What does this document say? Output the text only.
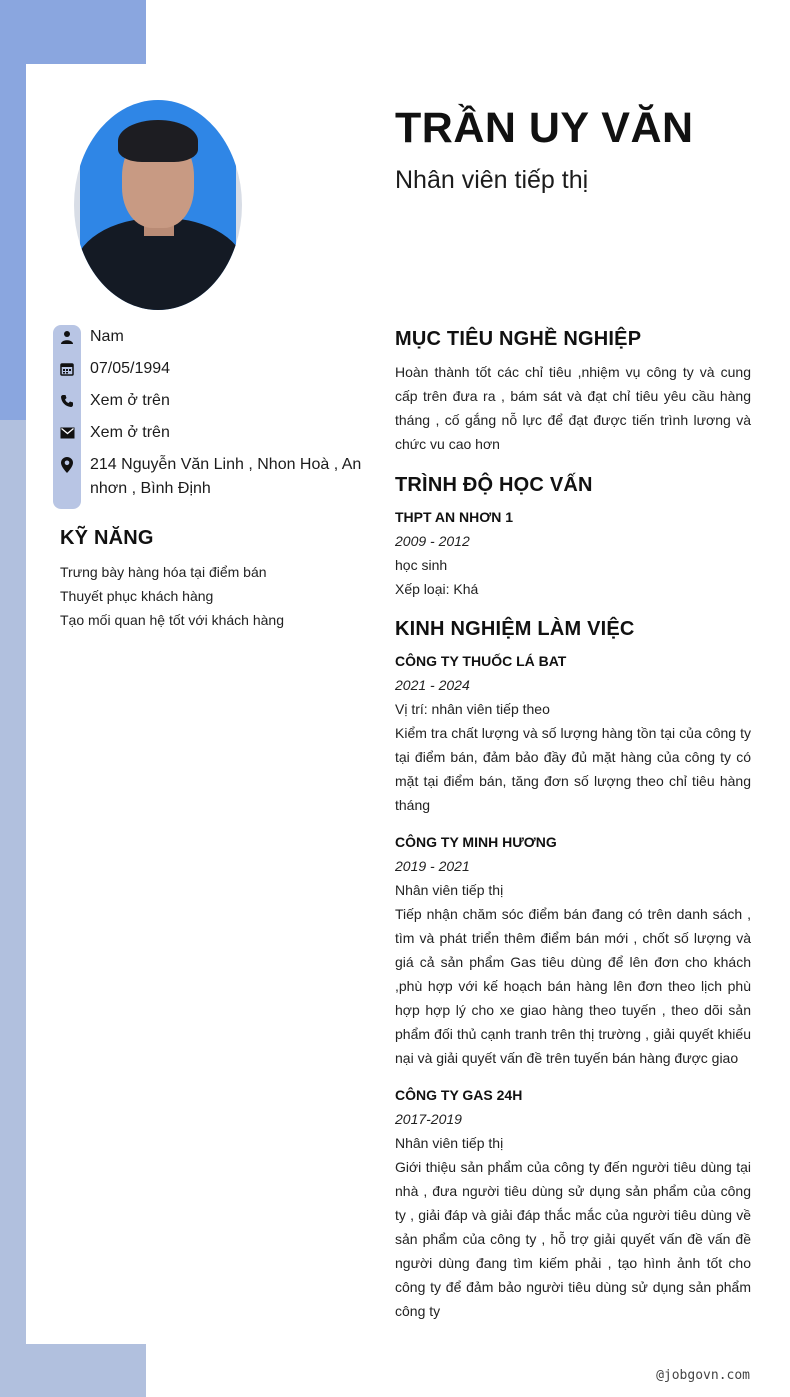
TRẦN UY VĂN
Nhân viên tiếp thị
Nam
07/05/1994
Xem ở trên
Xem ở trên
214 Nguyễn Văn Linh , Nhon Hoà , An nhơn , Bình Định
KỸ NĂNG
Trưng bày hàng hóa tại điểm bán
Thuyết phục khách hàng
Tạo mối quan hệ tốt với khách hàng
MỤC TIÊU NGHỀ NGHIỆP

Hoàn thành tốt các chỉ tiêu ,nhiệm vụ công ty và cung cấp trên đưa ra , bám sát và đạt chỉ tiêu yêu cầu hàng tháng , cố gắng nỗ lực để đạt được tiến trình lương và chức vu cao hơn

TRÌNH ĐỘ HỌC VẤN
THPT AN NHƠN 1
2009 - 2012
học sinh
Xếp loại: Khá
KINH NGHIỆM LÀM VIỆC
CÔNG TY THUỐC LÁ BAT
2021 - 2024
Vị trí: nhân viên tiếp theo

Kiểm tra chất lượng và số lượng hàng tồn tại của công ty tại điểm bán, đảm bảo đầy đủ mặt hàng của công ty có mặt tại điểm bán, tăng đơn số lượng theo chỉ tiêu hàng tháng

CÔNG TY MINH HƯƠNG
2019 - 2021
Nhân viên tiếp thị

Tiếp nhận chăm sóc điểm bán đang có trên danh sách , tìm và phát triển thêm điểm bán mới , chốt số lượng và giá cả sản phẩm Gas tiêu dùng để lên đơn cho khách ,phù hợp với kế hoạch bán hàng lên đơn theo lịch phù hợp hợp lý cho xe giao hàng theo tuyến , theo dõi sản phẩm đối thủ cạnh tranh trên thị trường , giải quyết khiếu nại và giải quyết vấn đề trên tuyến bán hàng được giao

CÔNG TY GAS 24H
2017-2019
Nhân viên tiếp thị

Giới thiệu sản phẩm của công ty đến người tiêu dùng tại nhà , đưa người tiêu dùng sử dụng sản phẩm của công ty , giải đáp và giải đáp thắc mắc của người tiêu dùng về sản phẩm của công ty , hỗ trợ giải quyết vấn đề vấn đề người dùng đang tìm kiếm phải , tạo hình ảnh tốt cho công ty để đảm bảo người tiêu dùng sử dụng sản phẩm công ty

@jobgovn.com
